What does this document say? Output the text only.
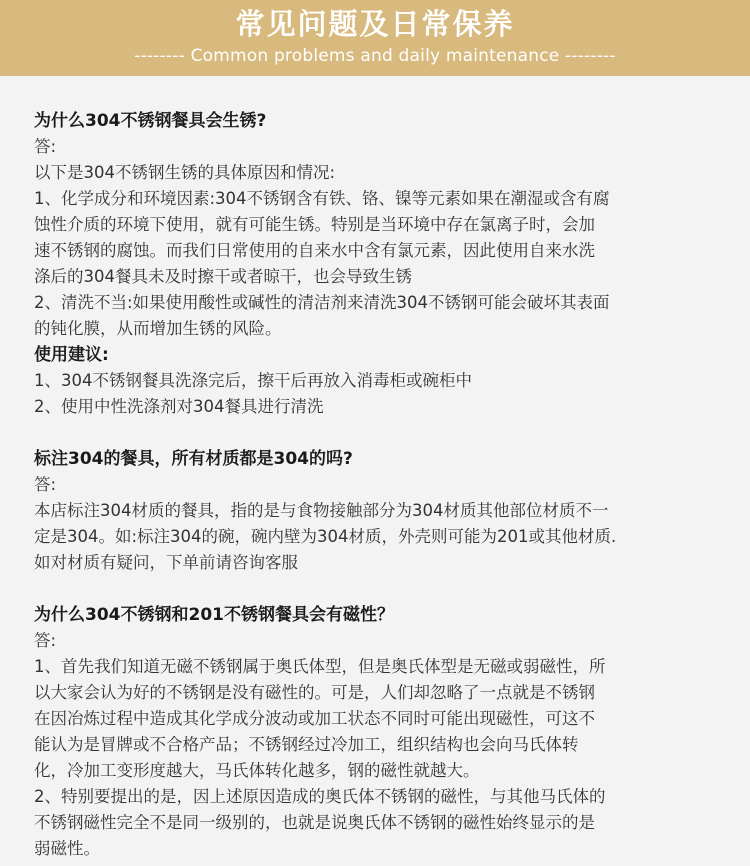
常见问题及日常保养
-------- Common problems and daily maintenance --------
为什么304不锈钢餐具会生锈?

答:

以下是304不锈钢生锈的具体原因和情况:

1、化学成分和环境因素:304不锈钢含有铁、铬、镍等元素如果在潮湿或含有腐

蚀性介质的环境下使用，就有可能生锈。特别是当环境中存在氯离子时，会加

速不锈钢的腐蚀。而我们日常使用的自来水中含有氯元素，因此使用自来水洗

涤后的304餐具未及时擦干或者晾干，也会导致生锈

2、清洗不当:如果使用酸性或碱性的清洁剂来清洗304不锈钢可能会破坏其表面

的钝化膜，从而增加生锈的风险。

使用建议:

1、304不锈钢餐具洗涤完后，擦干后再放入消毒柜或碗柜中

2、使用中性洗涤剂对304餐具进行清洗

标注304的餐具，所有材质都是304的吗?

答:

本店标注304材质的餐具，指的是与食物接触部分为304材质其他部位材质不一

定是304。如:标注304的碗，碗内壁为304材质，外壳则可能为201或其他材质.

如对材质有疑问，下单前请咨询客服

为什么304不锈钢和201不锈钢餐具会有磁性？

答:

1、首先我们知道无磁不锈钢属于奥氏体型，但是奥氏体型是无磁或弱磁性，所

以大家会认为好的不锈钢是没有磁性的。可是，人们却忽略了一点就是不锈钢

在因冶炼过程中造成其化学成分波动或加工状态不同时可能出现磁性，可这不

能认为是冒牌或不合格产品；不锈钢经过冷加工，组织结构也会向马氏体转

化，冷加工变形度越大，马氏体转化越多，钢的磁性就越大。

2、特别要提出的是，因上述原因造成的奥氏体不锈钢的磁性，与其他马氏体的

不锈钢磁性完全不是同一级别的，也就是说奥氏体不锈钢的磁性始终显示的是

弱磁性。
